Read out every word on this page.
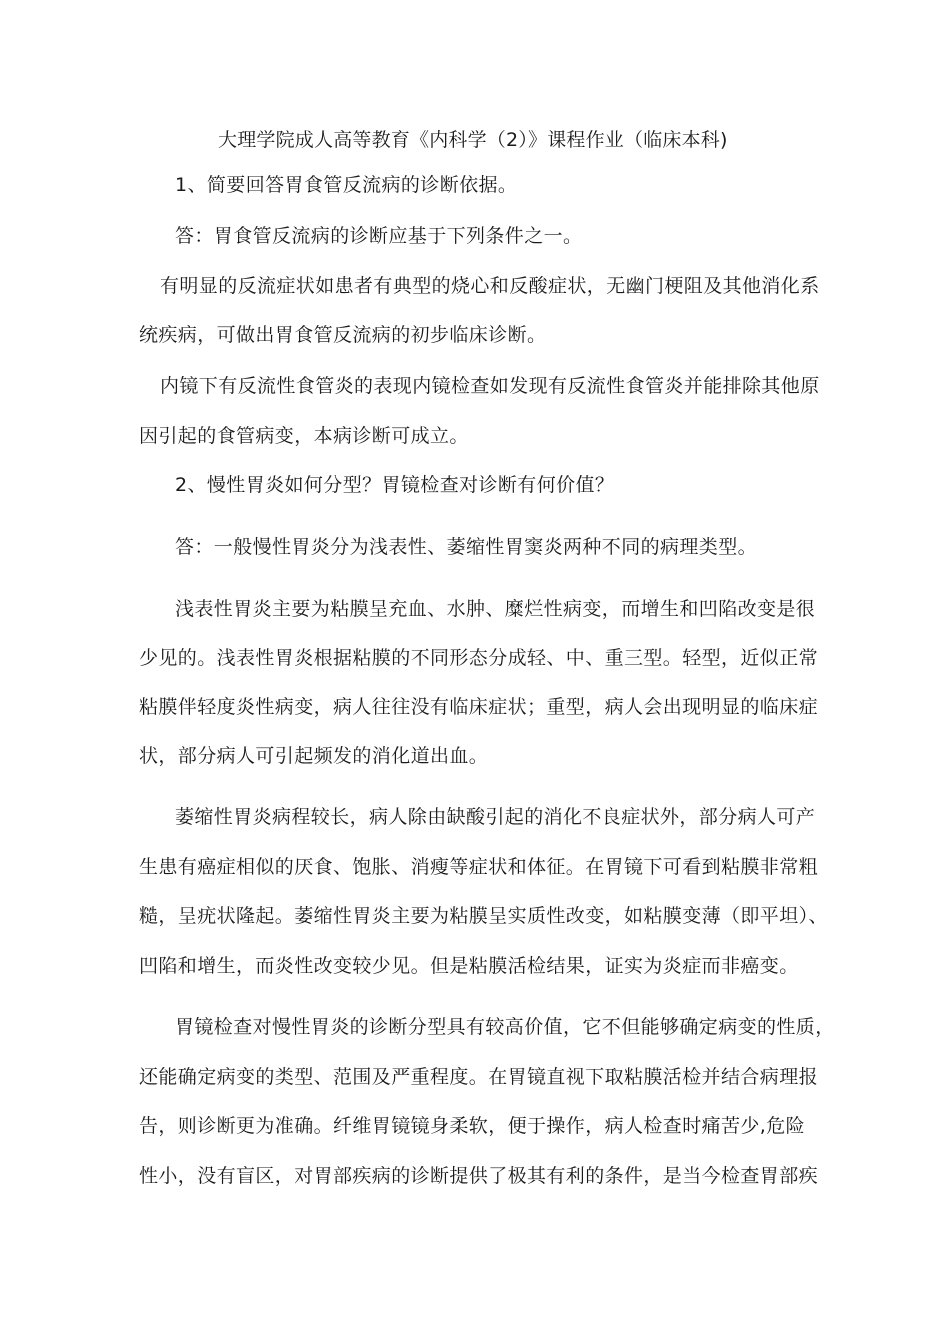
大理学院成人高等教育《内科学（2）》课程作业（临床本科)
1、简要回答胃食管反流病的诊断依据。
答：胃食管反流病的诊断应基于下列条件之一。
有明显的反流症状如患者有典型的烧心和反酸症状，无幽门梗阻及其他消化系
统疾病，可做出胃食管反流病的初步临床诊断。
内镜下有反流性食管炎的表现内镜检查如发现有反流性食管炎并能排除其他原
因引起的食管病变，本病诊断可成立。
2、慢性胃炎如何分型？胃镜检查对诊断有何价值？
答：一般慢性胃炎分为浅表性、萎缩性胃窦炎两种不同的病理类型。
浅表性胃炎主要为粘膜呈充血、水肿、糜烂性病变，而增生和凹陷改变是很
少见的。浅表性胃炎根据粘膜的不同形态分成轻、中、重三型。轻型，近似正常
粘膜伴轻度炎性病变，病人往往没有临床症状；重型，病人会出现明显的临床症
状，部分病人可引起频发的消化道出血。
萎缩性胃炎病程较长，病人除由缺酸引起的消化不良症状外，部分病人可产
生患有癌症相似的厌食、饱胀、消瘦等症状和体征。在胃镜下可看到粘膜非常粗
糙，呈疣状隆起。萎缩性胃炎主要为粘膜呈实质性改变，如粘膜变薄（即平坦）、
凹陷和增生，而炎性改变较少见。但是粘膜活检结果，证实为炎症而非癌变。
胃镜检查对慢性胃炎的诊断分型具有较高价值，它不但能够确定病变的性质，
还能确定病变的类型、范围及严重程度。在胃镜直视下取粘膜活检并结合病理报
告，则诊断更为准确。纤维胃镜镜身柔软，便于操作，病人检查时痛苦少,危险
性小，没有盲区，对胃部疾病的诊断提供了极其有利的条件，是当今检查胃部疾
